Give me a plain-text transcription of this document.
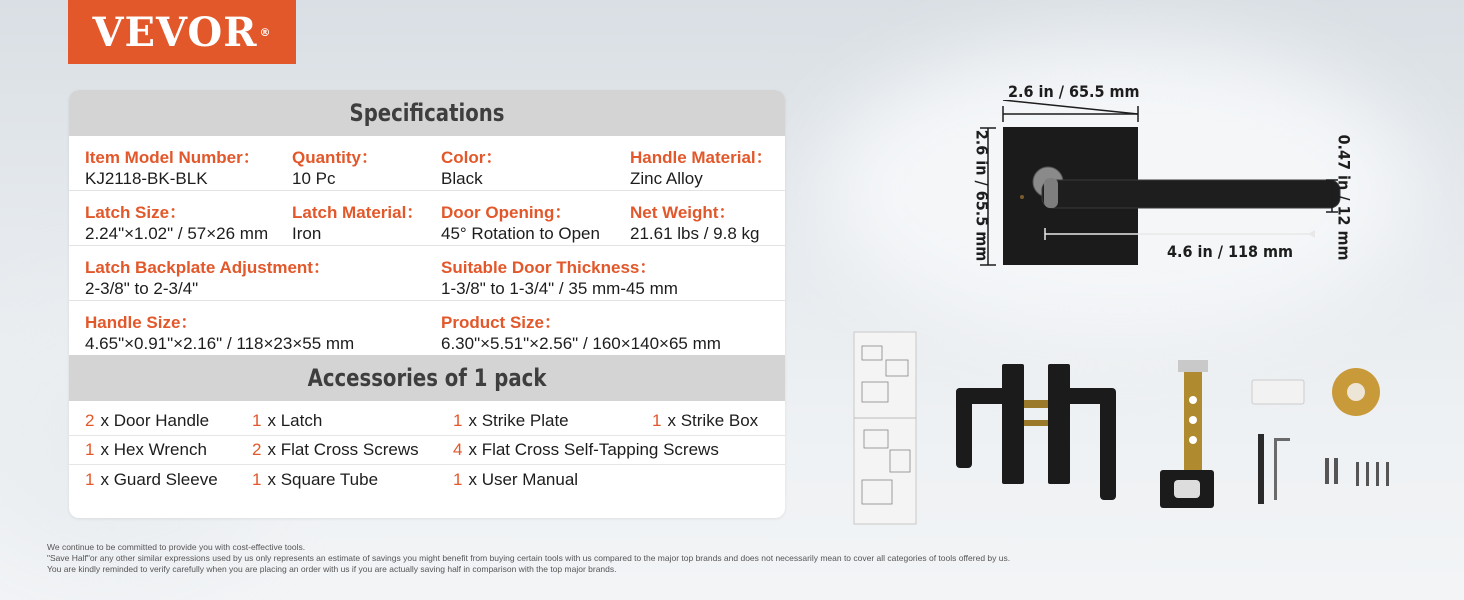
VEVOR ®
Specifications
Item Model Number：
KJ2118-BK-BLK
Quantity：
10 Pc
Color：
Black
Handle Material：
Zinc Alloy
Latch Size：
2.24"×1.02" / 57×26 mm
Latch Material：
Iron
Door Opening：
45° Rotation to Open
Net Weight：
21.61 lbs / 9.8 kg
Latch Backplate Adjustment：
2-3/8" to 2-3/4"
Suitable Door Thickness：
1-3/8" to 1-3/4" / 35 mm-45 mm
Handle Size：
4.65"×0.91"×2.16" / 118×23×55 mm
Product Size：
6.30"×5.51"×2.56" / 160×140×65 mm
Accessories of 1 pack
2 x Door Handle	1 x Latch	1 x Strike Plate	1 x Strike Box
1 x Hex Wrench	2 x Flat Cross Screws	4 x Flat Cross Self-Tapping Screws
1 x Guard Sleeve	1 x Square Tube	1 x User Manual
We continue to be committed to provide you with cost-effective tools.
"Save Half"or any other similar expressions used by us only represents an estimate of savings you might benefit from buying certain tools with us compared to the major top brands and does not necessarily mean to cover all categories of tools offered by us.
You are kindly reminded to verify carefully when you are placing an order with us if you are actually saving half in comparison with the top major brands.
2.6 in / 65.5 mm
2.6 in / 65.5 mm	4.6 in / 118 mm	0.47 in / 12 mm
